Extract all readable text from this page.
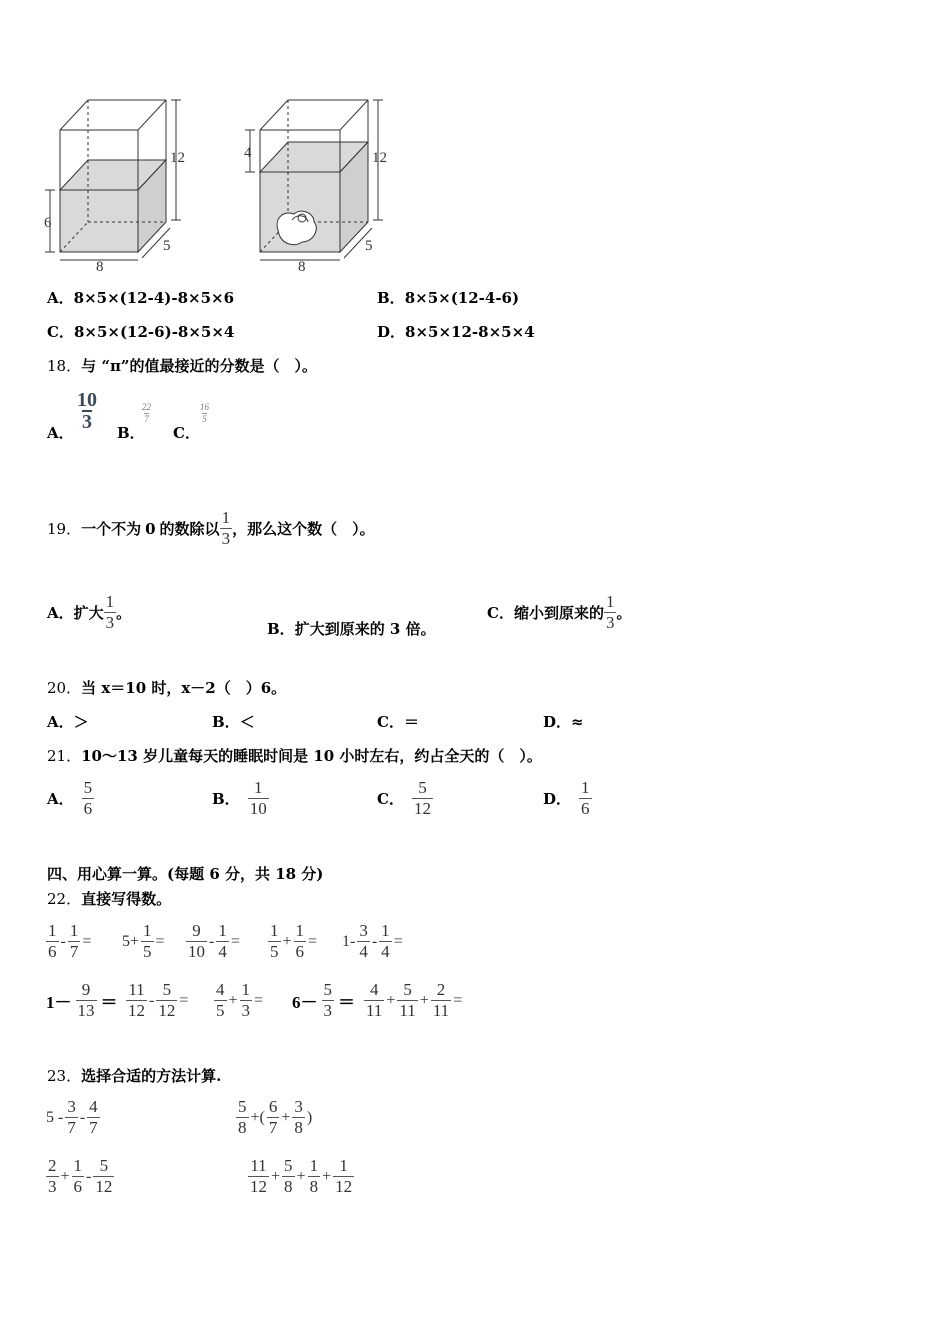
12
6
8
5
12
4
8
5
A．8×5×(12-4)-8×5×6	B．8×5×(12-4-6)
C．8×5×(12-6)-8×5×4	D．8×5×12-8×5×4
18．与 “π”的值最接近的分数是（　）。
A．
$\frac{10}{3}$
B．
$\frac{22}{7}$
C．
$\frac{16}{5}$
19． 一个不为 0 的数除以 $\frac{1}{3}$ ，那么这个数（　）。
A． 扩大 $\frac{1}{3}$ 。
B．扩大到原来的 3 倍。
C． 缩小到原来的 $\frac{1}{3}$ 。
20．当 x＝10 时，x－2（　）6。
A．＞	B．＜	C．＝	D．≈
21．10～13 岁儿童每天的睡眠时间是 10 小时左右，约占全天的（　）。
A． $\frac{5}{6}$	B． $\frac{1}{10}$	C． $\frac{5}{12}$	D． $\frac{1}{6}$
四、用心算一算。(每题 6 分，共 18 分)
22．直接写得数。
1
6
- $\frac{1}{7} = 5+ \frac{1}{5}$ =
9
10
- $\frac{1}{4}$ =
1
5
+ $\frac{1}{6} = 1-$
3
4
- $\frac{1}{4}$ =
1－
9
13 ＝
11
12
- $\frac{5}{12}$ =
4
5
+ $\frac{1}{3} = 6-$
5
3 ＝
4
11
+ $\frac{5}{11} + \frac{2}{11}$ =
23．选择合适的方法计算.
5 -
3
7
-
4
7
5
8
+(
6
7
+ $\frac{3}{8}$ )
2
3
+ $\frac{1}{6}$ -
5
12
11
12
+ $\frac{5}{8} + \frac{1}{8} + \frac{1}{12}$
